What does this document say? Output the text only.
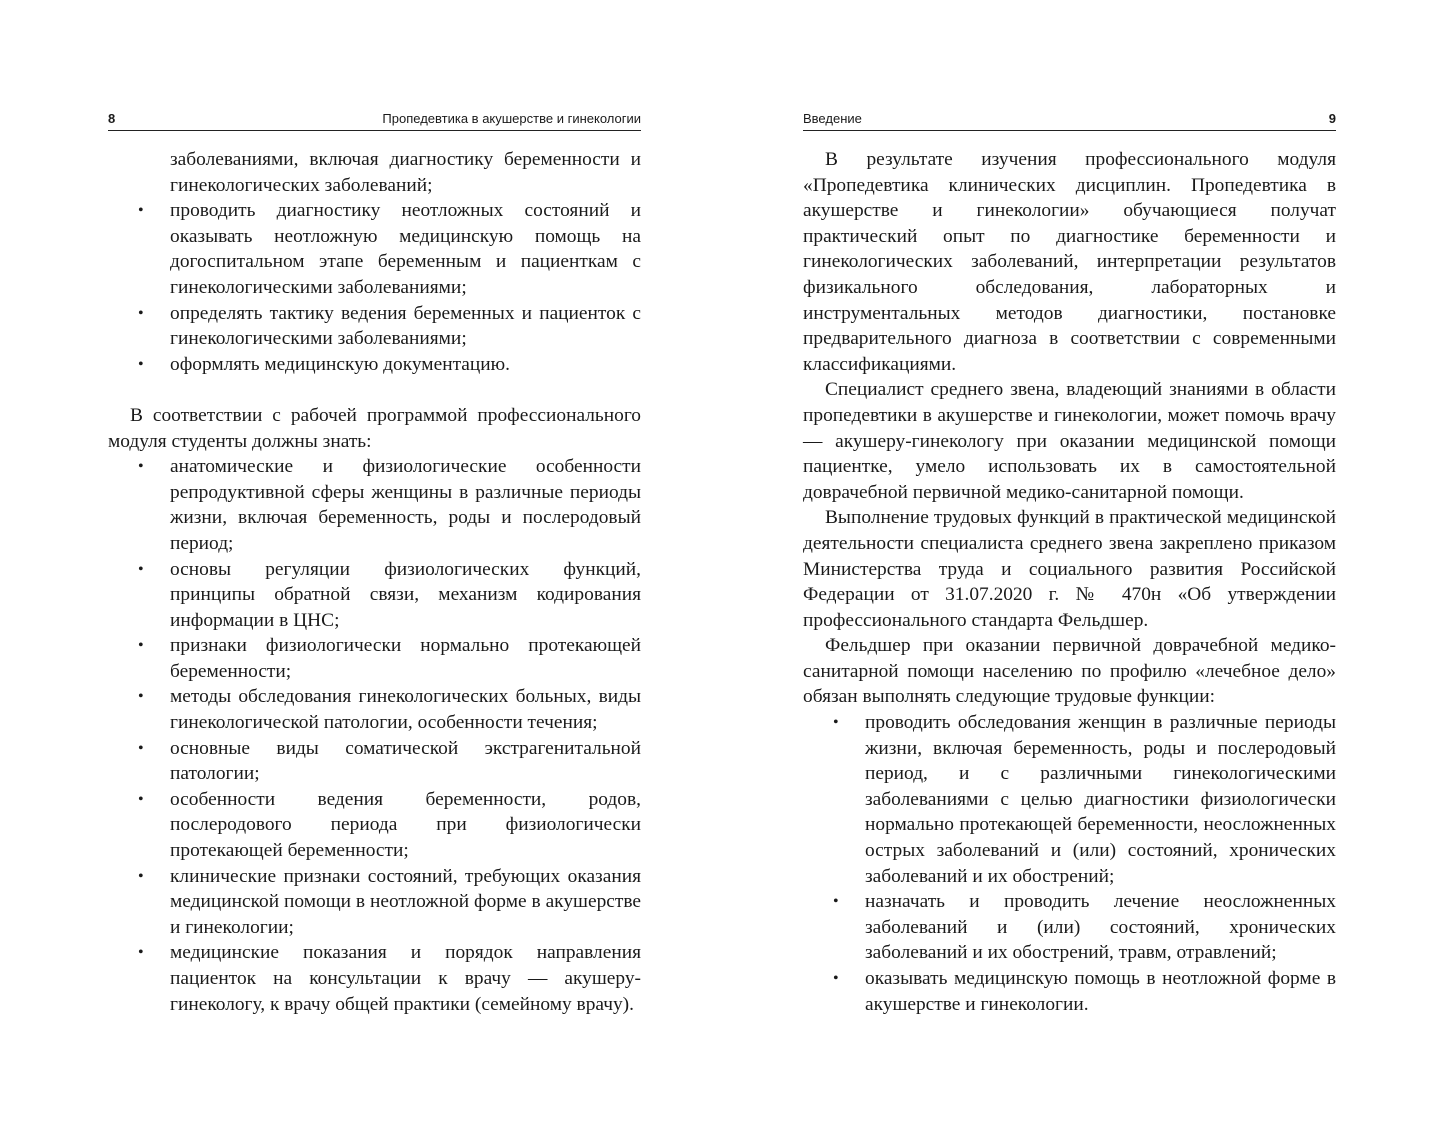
8	Пропедевтика в акушерстве и гинекологии
заболеваниями, включая диагностику беременности и гинекологических заболеваний;
• проводить диагностику неотложных состояний и оказывать неотложную медицинскую помощь на догоспитальном этапе беременным и пациенткам с гинекологическими заболеваниями;
• определять тактику ведения беременных и пациенток с гинекологическими заболеваниями;
• оформлять медицинскую документацию.

В соответствии с рабочей программой профессионального модуля студенты должны знать:

• анатомические и физиологические особенности репродуктивной сферы женщины в различные периоды жизни, включая беременность, роды и послеродовый период;
• основы регуляции физиологических функций, принципы обратной связи, механизм кодирования информации в ЦНС;
• признаки физиологически нормально протекающей беременности;
• методы обследования гинекологических больных, виды гинекологической патологии, особенности течения;
• основные виды соматической экстрагенитальной патологии;
• особенности ведения беременности, родов, послеродового периода при физиологически протекающей беременности;
• клинические признаки состояний, требующих оказания медицинской помощи в неотложной форме в акушерстве и гинекологии;
• медицинские показания и порядок направления пациенток на консультации к врачу — акушеру-гинекологу, к врачу общей практики (семейному врачу).
Введение	9

В результате изучения профессионального модуля «Пропедевтика клинических дисциплин. Пропедевтика в акушерстве и гинекологии» обучающиеся получат практический опыт по диагностике беременности и гинекологических заболеваний, интерпретации результатов физикального обследования, лабораторных и инструментальных методов диагностики, постановке предварительного диагноза в соответствии с современными классификациями.

Специалист среднего звена, владеющий знаниями в области пропедевтики в акушерстве и гинекологии, может помочь врачу — акушеру-гинекологу при оказании медицинской помощи пациентке, умело использовать их в самостоятельной доврачебной первичной медико-санитарной помощи.

Выполнение трудовых функций в практической медицинской деятельности специалиста среднего звена закреплено приказом Министерства труда и социального развития Российской Федерации от 31.07.2020 г. № 470н «Об утверждении профессионального стандарта Фельдшер.

Фельдшер при оказании первичной доврачебной медико-санитарной помощи населению по профилю «лечебное дело» обязан выполнять следующие трудовые функции:

• проводить обследования женщин в различные периоды жизни, включая беременность, роды и послеродовый период, и с различными гинекологическими заболеваниями с целью диагностики физиологически нормально протекающей беременности, неосложненных острых заболеваний и (или) состояний, хронических заболеваний и их обострений;
• назначать и проводить лечение неосложненных заболеваний и (или) состояний, хронических заболеваний и их обострений, травм, отравлений;
• оказывать медицинскую помощь в неотложной форме в акушерстве и гинекологии.
